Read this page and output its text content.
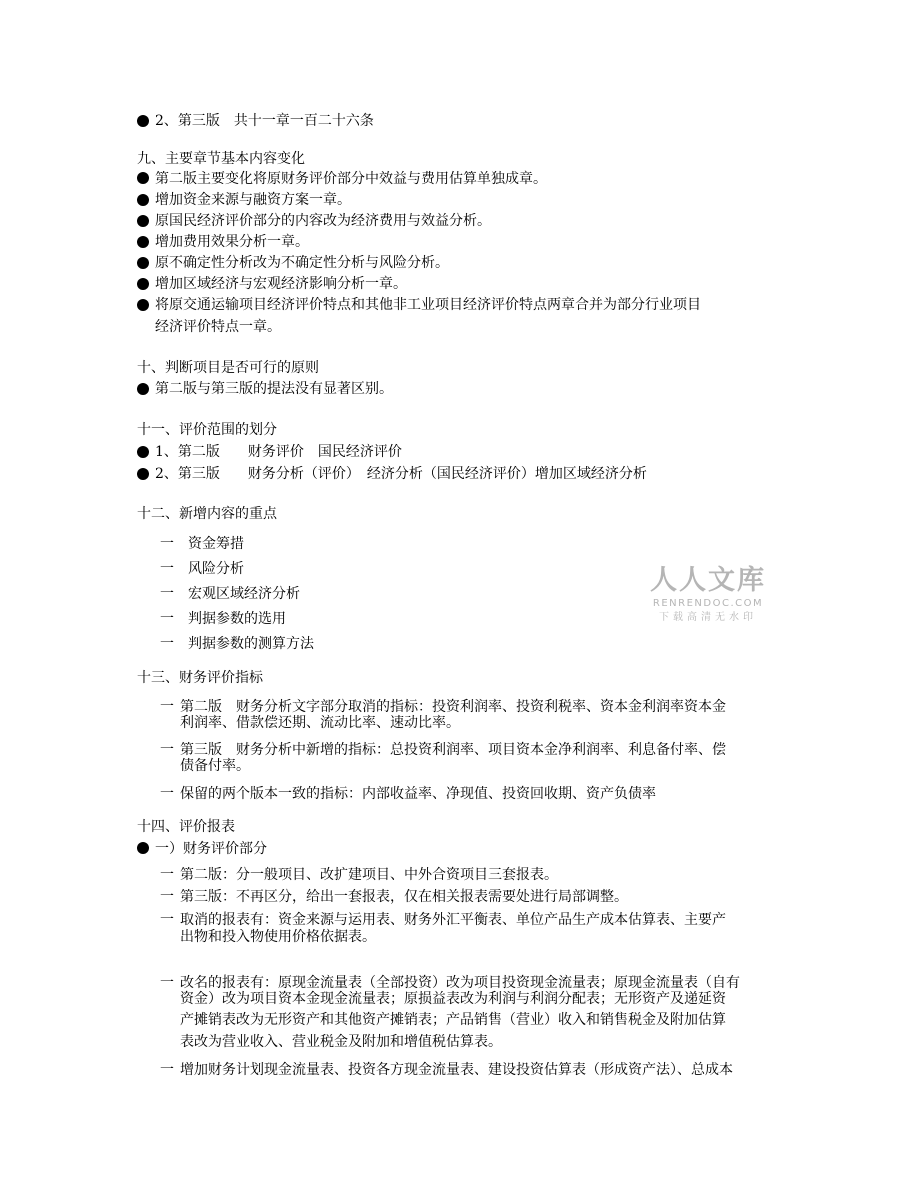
一
一
一
一
一
一
一
一
一
一
一
一
一
2、第三版　共十一章一百二十六条
九、主要章节基本内容变化
第二版主要变化将原财务评价部分中效益与费用估算单独成章。
增加资金来源与融资方案一章。
原国民经济评价部分的内容改为经济费用与效益分析。
增加费用效果分析一章。
原不确定性分析改为不确定性分析与风险分析。
增加区域经济与宏观经济影响分析一章。
将原交通运输项目经济评价特点和其他非工业项目经济评价特点两章合并为部分行业项目
经济评价特点一章。
十、判断项目是否可行的原则
第二版与第三版的提法没有显著区别。
十一、评价范围的划分
1、第二版　　财务评价　国民经济评价
2、第三版　　财务分析（评价）　经济分析（国民经济评价）增加区域经济分析
十二、新增内容的重点
资金筹措
风险分析
宏观区域经济分析
判据参数的选用
判据参数的测算方法
十三、财务评价指标
第二版　财务分析文字部分取消的指标：投资利润率、投资利税率、资本金利润率资本金
利润率、借款偿还期、流动比率、速动比率。
第三版　财务分析中新增的指标：总投资利润率、项目资本金净利润率、利息备付率、偿
债备付率。
保留的两个版本一致的指标：内部收益率、净现值、投资回收期、资产负债率
十四、评价报表
一）财务评价部分
第二版：分一般项目、改扩建项目、中外合资项目三套报表。
第三版：不再区分，给出一套报表，仅在相关报表需要处进行局部调整。
取消的报表有：资金来源与运用表、财务外汇平衡表、单位产品生产成本估算表、主要产
出物和投入物使用价格依据表。
改名的报表有：原现金流量表（全部投资）改为项目投资现金流量表；原现金流量表（自有
资金）改为项目资本金现金流量表；原损益表改为利润与利润分配表；无形资产及递延资
产摊销表改为无形资产和其他资产摊销表；产品销售（营业）收入和销售税金及附加估算
表改为营业收入、营业税金及附加和增值税估算表。
增加财务计划现金流量表、投资各方现金流量表、建设投资估算表（形成资产法）、总成本
人人文库
RENRENDOC.COM
下载高清无水印
